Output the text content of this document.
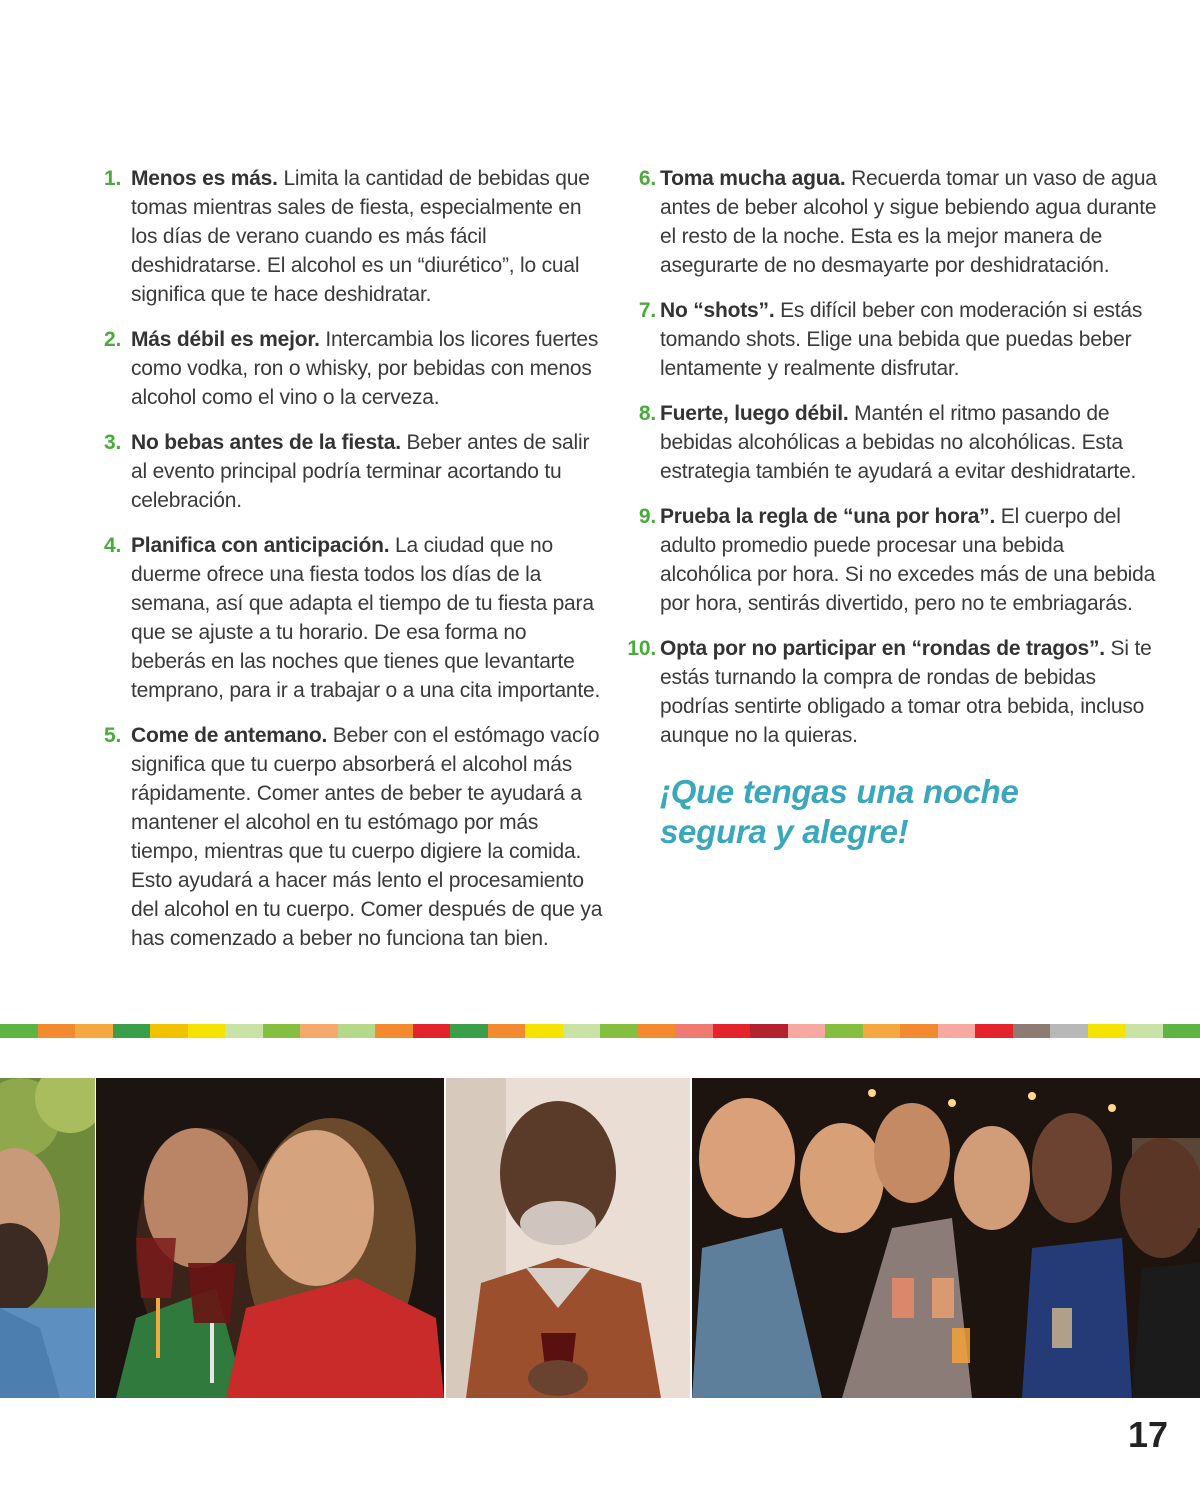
1. Menos es más. Limita la cantidad de bebidas que tomas mientras sales de fiesta, especialmente en los días de verano cuando es más fácil deshidratarse. El alcohol es un “diurético”, lo cual significa que te hace deshidratar.
2. Más débil es mejor. Intercambia los licores fuertes como vodka, ron o whisky, por bebidas con menos alcohol como el vino o la cerveza.
3. No bebas antes de la fiesta. Beber antes de salir al evento principal podría terminar acortando tu celebración.
4. Planifica con anticipación. La ciudad que no duerme ofrece una fiesta todos los días de la semana, así que adapta el tiempo de tu fiesta para que se ajuste a tu horario. De esa forma no beberás en las noches que tienes que levantarte temprano, para ir a trabajar o a una cita importante.
5. Come de antemano. Beber con el estómago vacío significa que tu cuerpo absorberá el alcohol más rápidamente. Comer antes de beber te ayudará a mantener el alcohol en tu estómago por más tiempo, mientras que tu cuerpo digiere la comida. Esto ayudará a hacer más lento el procesamiento del alcohol en tu cuerpo. Comer después de que ya has comenzado a beber no funciona tan bien.
6. Toma mucha agua. Recuerda tomar un vaso de agua antes de beber alcohol y sigue bebiendo agua durante el resto de la noche. Esta es la mejor manera de asegurarte de no desmayarte por deshidratación.
7. No “shots”. Es difícil beber con moderación si estás tomando shots. Elige una bebida que puedas beber lentamente y realmente disfrutar.
8. Fuerte, luego débil. Mantén el ritmo pasando de bebidas alcohólicas a bebidas no alcohólicas. Esta estrategia también te ayudará a evitar deshidratarte.
9. Prueba la regla de “una por hora”. El cuerpo del adulto promedio puede procesar una bebida alcohólica por hora. Si no excedes más de una bebida por hora, sentirás divertido, pero no te embriagarás.
10. Opta por no participar en “rondas de tragos”. Si te estás turnando la compra de rondas de bebidas podrías sentirte obligado a tomar otra bebida, incluso aunque no la quieras.
¡Que tengas una noche
segura y alegre!
17
